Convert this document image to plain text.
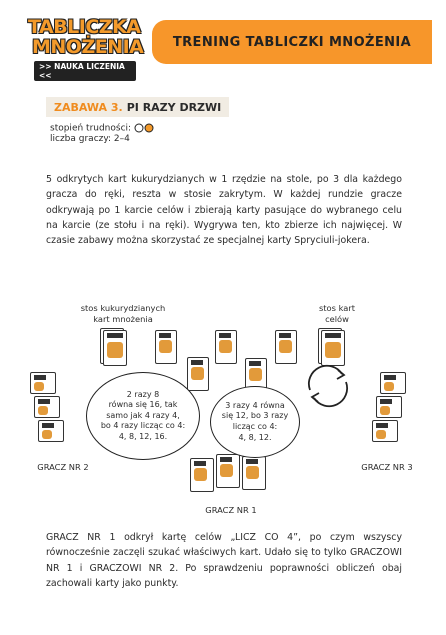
TABLICZKA
MNOŻENIA
>> NAUKA LICZENIA <<
TRENING TABLICZKI MNOŻENIA
ZABAWA 3. PI RAZY DRZWI
stopień trudności:
liczba graczy: 2–4
5 odkrytych kart kukurydzianych w 1 rzędzie na stole, po 3 dla każdego gracza do ręki, reszta w stosie zakrytym. W każdej rundzie gracze odkrywają po 1 karcie celów i zbierają karty pasujące do wybranego celu na karcie (ze stołu i na ręki). Wygrywa ten, kto zbierze ich najwięcej. W czasie zabawy można skorzystać ze specjalnej karty Spryciuli-jokera.
stos kukurydzianych
kart mnożenia
stos kart
celów
2 razy 8
równa się 16, tak
samo jak 4 razy 4,
bo 4 razy licząc co 4:
4, 8, 12, 16.
3 razy 4 równa
się 12, bo 3 razy
licząc co 4:
4, 8, 12.
GRACZ NR 2	GRACZ NR 3
GRACZ NR 1
GRACZ NR 1 odkrył kartę celów „LICZ CO 4”, po czym wszyscy równocześnie zaczęli szukać właściwych kart. Udało się to tylko GRACZOWI NR 1 i GRACZOWI NR 2. Po sprawdzeniu poprawności obliczeń obaj zachowali karty jako punkty.
